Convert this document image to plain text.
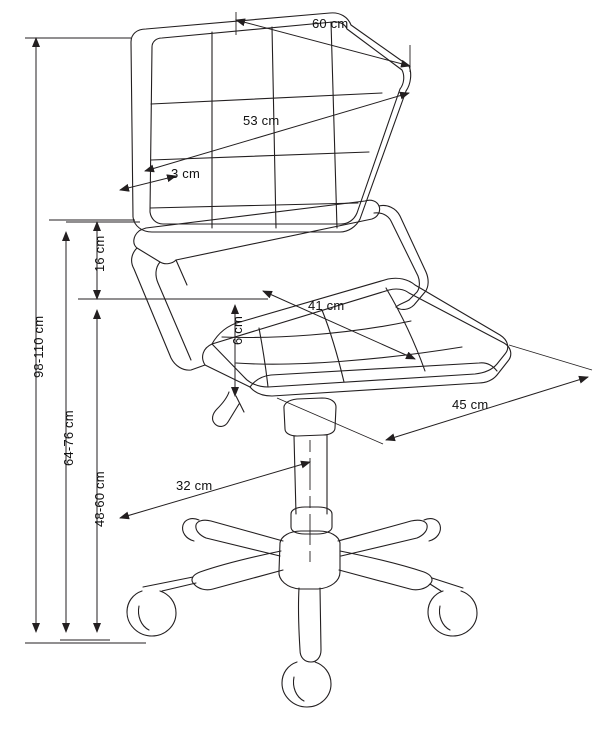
60 cm
53 cm
3 cm
16 cm
41 cm
6 cm
45 cm
32 cm
98-110 cm
64-76 cm
48-60 cm
